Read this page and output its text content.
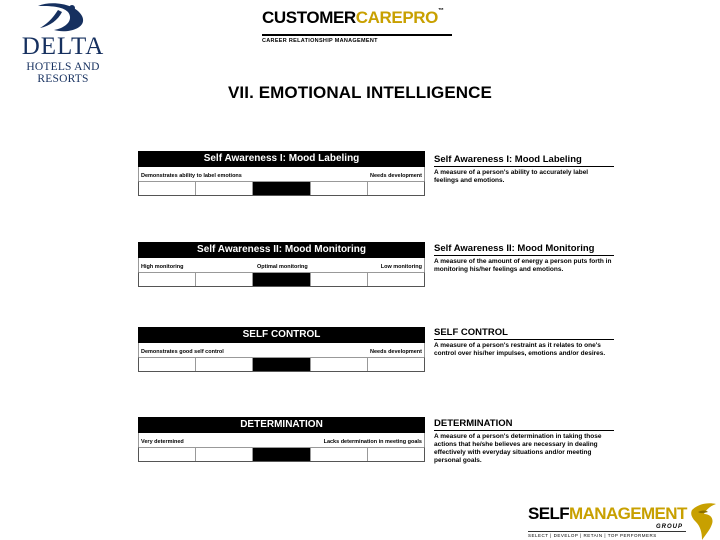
DELTA
HOTELS AND RESORTS
CUSTOMERCAREPRO™
CAREER RELATIONSHIP MANAGEMENT
VII. EMOTIONAL INTELLIGENCE
Self Awareness I: Mood Labeling
Demonstrates ability to label emotions	Needs development
Self Awareness I: Mood Labeling
A measure of a person's ability to accurately label feelings and emotions.
Self Awareness II: Mood Monitoring
High monitoring	Optimal monitoring	Low monitoring
Self Awareness II: Mood Monitoring
A measure of the amount of energy a person puts forth in monitoring his/her feelings and emotions.
SELF CONTROL
Demonstrates good self control	Needs development
SELF CONTROL
A measure of a person's restraint as it relates to one's control over his/her impulses, emotions and/or desires.
DETERMINATION
Very determined	Lacks determination in meeting goals
DETERMINATION
A measure of a person's determination in taking those actions that he/she believes are necessary in dealing effectively with everyday situations and/or meeting personal goals.
SELFMANAGEMENT
GROUP
SELECT | DEVELOP | RETAIN | TOP PERFORMERS
